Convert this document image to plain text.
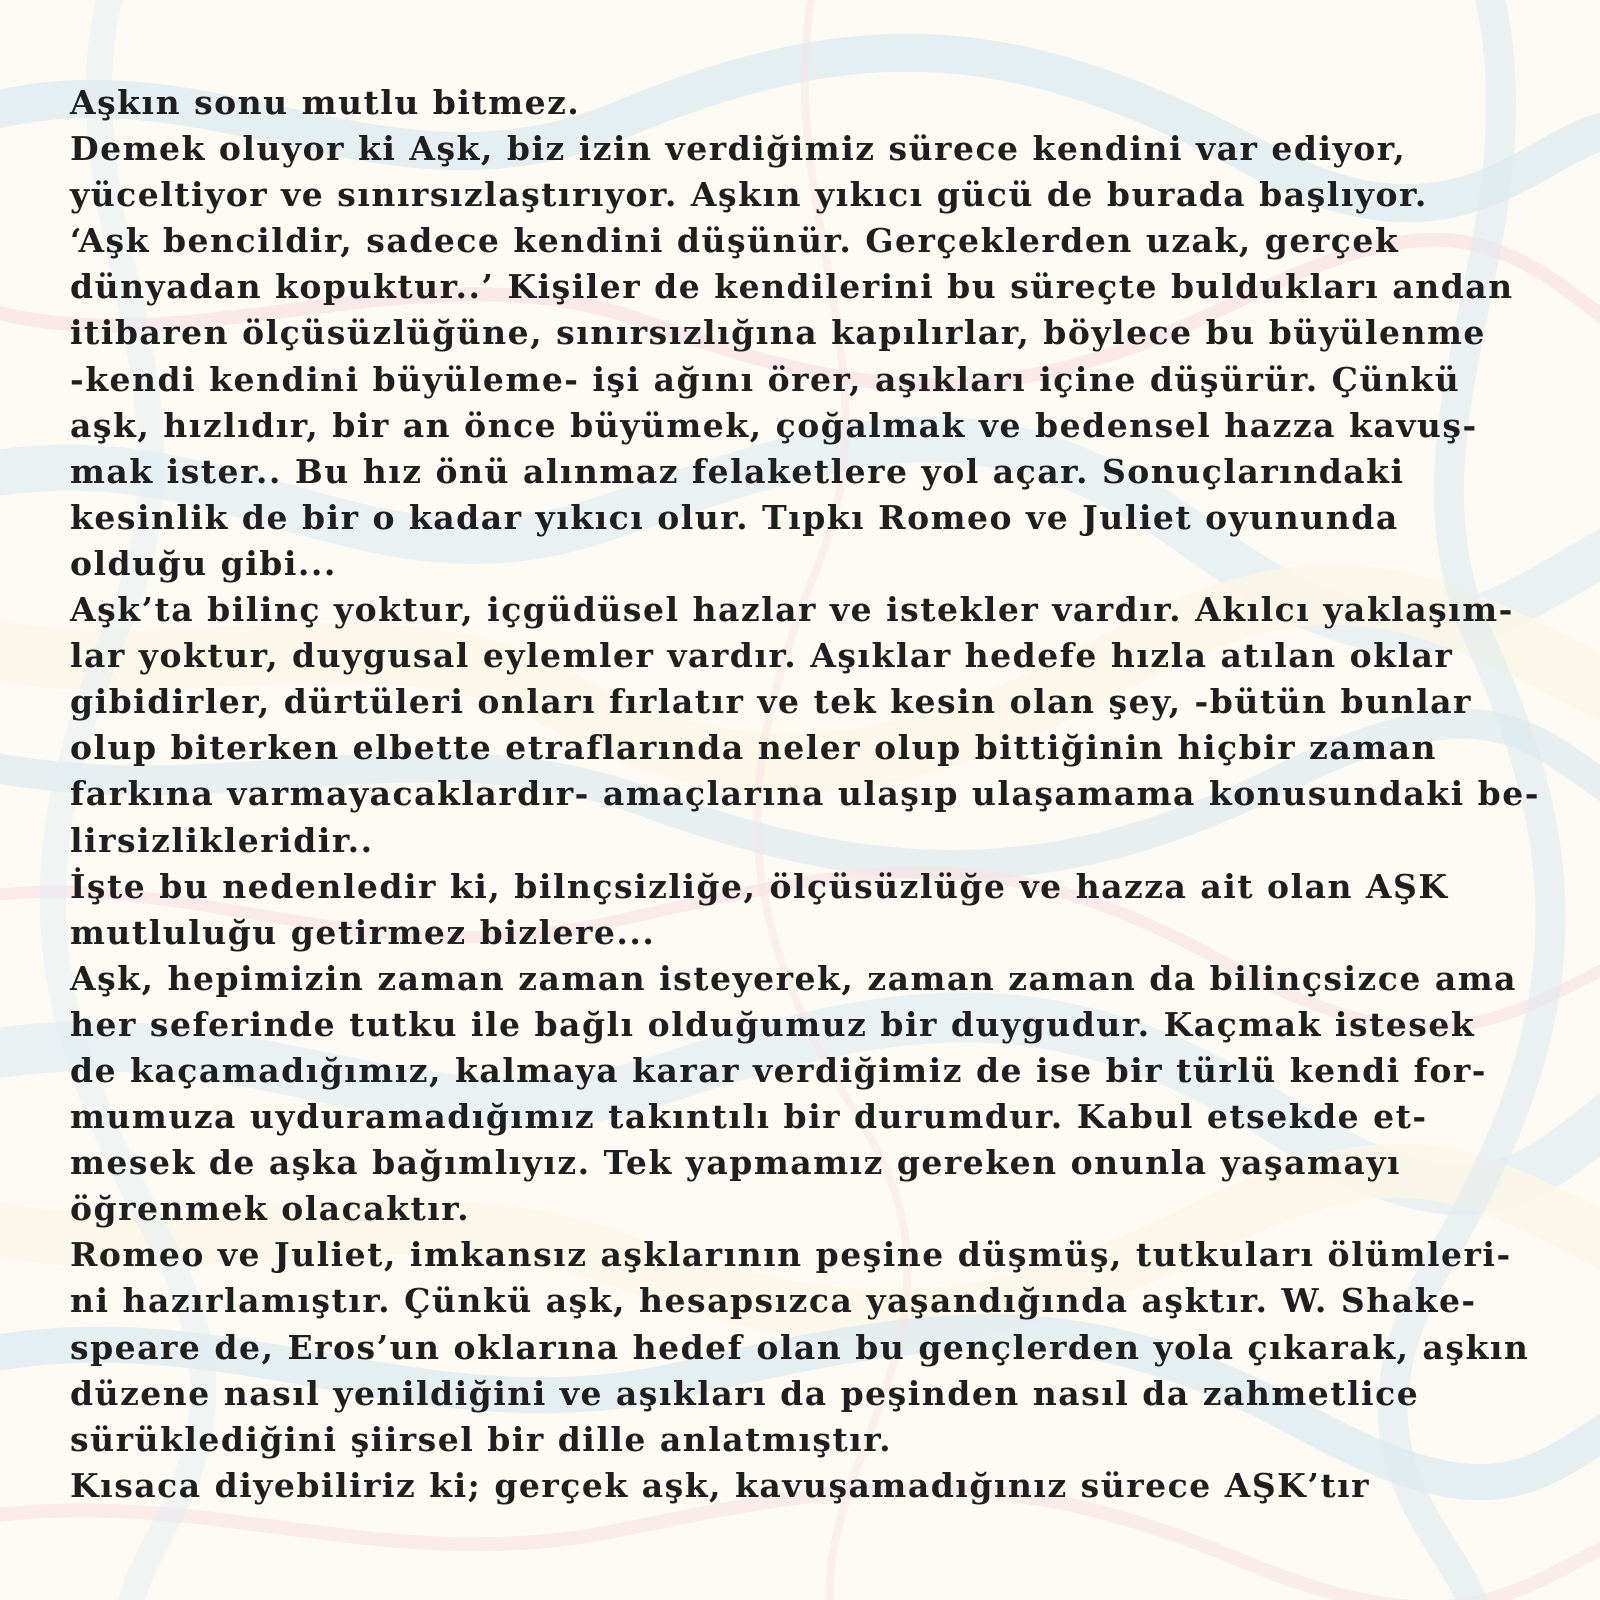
Aşkın sonu mutlu bitmez.
Demek oluyor ki Aşk, biz izin verdiğimiz sürece kendini var ediyor,
yüceltiyor ve sınırsızlaştırıyor. Aşkın yıkıcı gücü de burada başlıyor.
‘Aşk bencildir, sadece kendini düşünür. Gerçeklerden uzak, gerçek
dünyadan kopuktur..’ Kişiler de kendilerini bu süreçte buldukları andan
itibaren ölçüsüzlüğüne, sınırsızlığına kapılırlar, böylece bu büyülenme
-kendi kendini büyüleme- işi ağını örer, aşıkları içine düşürür. Çünkü
aşk, hızlıdır, bir an önce büyümek, çoğalmak ve bedensel hazza kavuş-
mak ister.. Bu hız önü alınmaz felaketlere yol açar. Sonuçlarındaki
kesinlik de bir o kadar yıkıcı olur. Tıpkı Romeo ve Juliet oyununda
olduğu gibi...
Aşk’ta bilinç yoktur, içgüdüsel hazlar ve istekler vardır. Akılcı yaklaşım-
lar yoktur, duygusal eylemler vardır. Aşıklar hedefe hızla atılan oklar
gibidirler, dürtüleri onları fırlatır ve tek kesin olan şey, -bütün bunlar
olup biterken elbette etraflarında neler olup bittiğinin hiçbir zaman
farkına varmayacaklardır- amaçlarına ulaşıp ulaşamama konusundaki be-
lirsizlikleridir..
İşte bu nedenledir ki, bilnçsizliğe, ölçüsüzlüğe ve hazza ait olan AŞK
mutluluğu getirmez bizlere...
Aşk, hepimizin zaman zaman isteyerek, zaman zaman da bilinçsizce ama
her seferinde tutku ile bağlı olduğumuz bir duygudur. Kaçmak istesek
de kaçamadığımız, kalmaya karar verdiğimiz de ise bir türlü kendi for-
mumuza uyduramadığımız takıntılı bir durumdur. Kabul etsekde et-
mesek de aşka bağımlıyız. Tek yapmamız gereken onunla yaşamayı
öğrenmek olacaktır.
Romeo ve Juliet, imkansız aşklarının peşine düşmüş, tutkuları ölümleri-
ni hazırlamıştır. Çünkü aşk, hesapsızca yaşandığında aşktır. W. Shake-
speare de, Eros’un oklarına hedef olan bu gençlerden yola çıkarak, aşkın
düzene nasıl yenildiğini ve aşıkları da peşinden nasıl da zahmetlice
sürüklediğini şiirsel bir dille anlatmıştır.
Kısaca diyebiliriz ki; gerçek aşk, kavuşamadığınız sürece AŞK’tır
